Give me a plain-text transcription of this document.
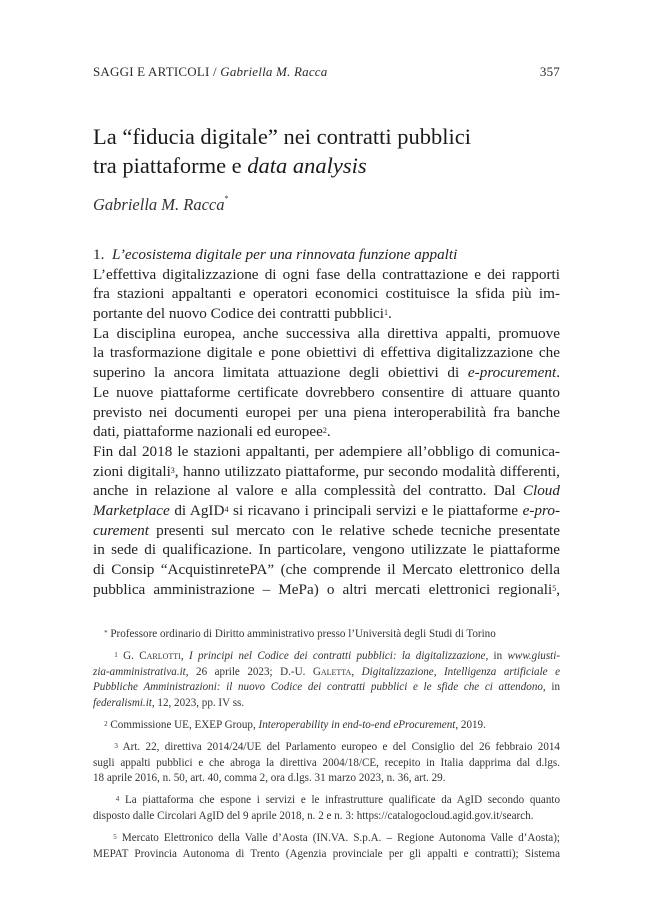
SAGGI E ARTICOLI / Gabriella M. Racca	357
La “fiducia digitale” nei contratti pubblici
tra piattaforme e data analysis
Gabriella M. Racca*
1. L’ecosistema digitale per una rinnovata funzione appalti
L’effettiva digitalizzazione di ogni fase della contrattazione e dei rapporti
fra stazioni appaltanti e operatori economici costituisce la sfida più im-
portante del nuovo Codice dei contratti pubblici$^1$.
La disciplina europea, anche successiva alla direttiva appalti, promuove
la trasformazione digitale e pone obiettivi di effettiva digitalizzazione che
superino la ancora limitata attuazione degli obiettivi di e-procurement.
Le nuove piattaforme certificate dovrebbero consentire di attuare quanto
previsto nei documenti europei per una piena interoperabilità fra banche
dati, piattaforme nazionali ed europee$^2$.
Fin dal 2018 le stazioni appaltanti, per adempiere all’obbligo di comunica-
zioni digitali$^3$, hanno utilizzato piattaforme, pur secondo modalità differenti,
anche in relazione al valore e alla complessità del contratto. Dal Cloud
Marketplace di AgID$^4$ si ricavano i principali servizi e le piattaforme e-pro-
curement presenti sul mercato con le relative schede tecniche presentate
in sede di qualificazione. In particolare, vengono utilizzate le piattaforme
di Consip “AcquistinretePA” (che comprende il Mercato elettronico della
pubblica amministrazione – MePa) o altri mercati elettronici regionali$^5$,
* Professore ordinario di Diritto amministrativo presso l’Università degli Studi di Torino
$^1$ G. Carlotti, I principi nel Codice dei contratti pubblici: la digitalizzazione, in www.giusti-
zia-amministrativa.it, 26 aprile 2023; D.-U. Galetta, Digitalizzazione, Intelligenza artificiale e
Pubbliche Amministrazioni: il nuovo Codice dei contratti pubblici e le sfide che ci attendono, in
federalismi.it, 12, 2023, pp. IV ss.
$^2$ Commissione UE, EXEP Group, Interoperability in end-to-end eProcurement, 2019.
$^3$ Art. 22, direttiva 2014/24/UE del Parlamento europeo e del Consiglio del 26 febbraio 2014
sugli appalti pubblici e che abroga la direttiva 2004/18/CE, recepito in Italia dapprima dal d.lgs.
18 aprile 2016, n. 50, art. 40, comma 2, ora d.lgs. 31 marzo 2023, n. 36, art. 29.
$^4$ La piattaforma che espone i servizi e le infrastrutture qualificate da AgID secondo quanto
disposto dalle Circolari AgID del 9 aprile 2018, n. 2 e n. 3: https://catalogocloud.agid.gov.it/search.
$^5$ Mercato Elettronico della Valle d’Aosta (IN.VA. S.p.A. – Regione Autonoma Valle d’Aosta);
MEPAT Provincia Autonoma di Trento (Agenzia provinciale per gli appalti e contratti); Sistema
